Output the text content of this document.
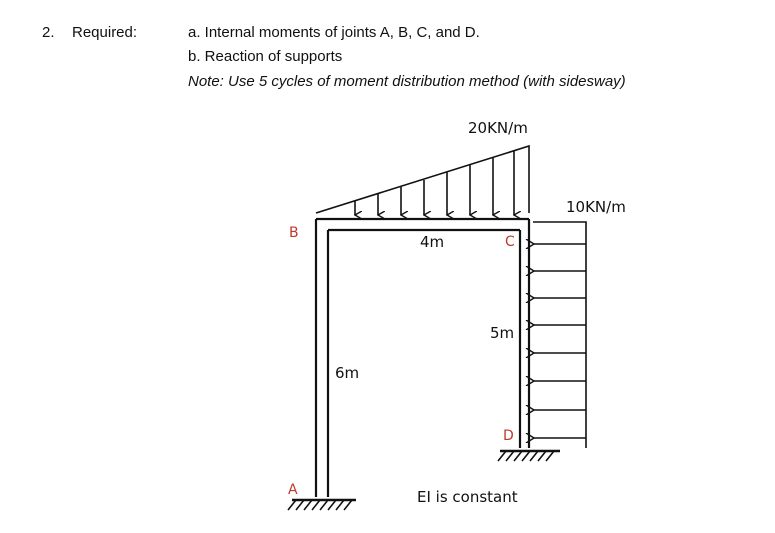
2. Required:	a. Internal moments of joints A, B, C, and D.
b. Reaction of supports
Note: Use 5 cycles of moment distribution method (with sidesway)
20KN/m
10KN/m
4m
6m
5m
B
C
D
A	EI is constant
